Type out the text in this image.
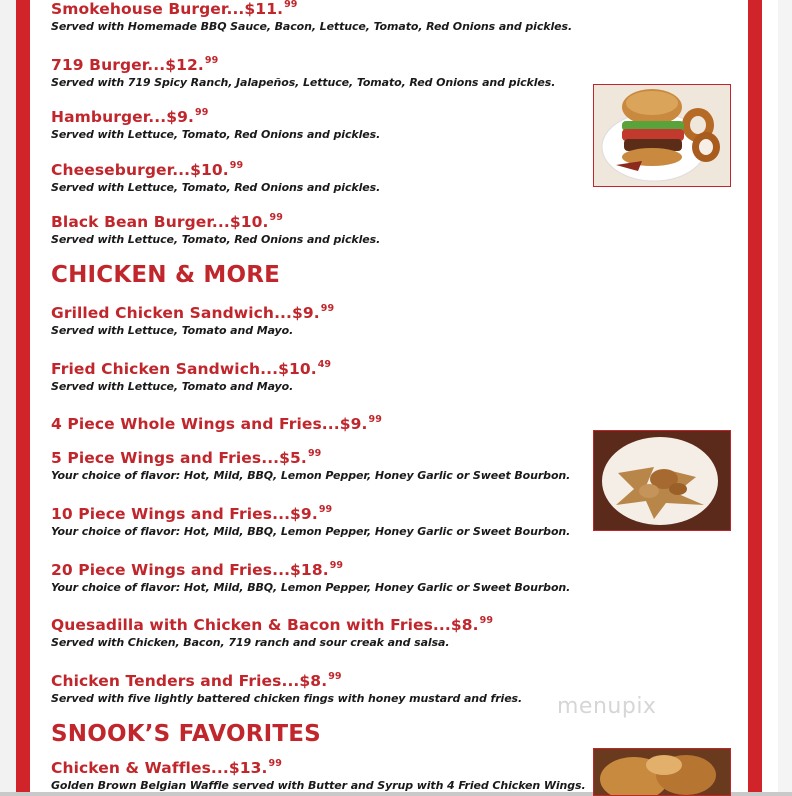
Smokehouse Burger...$11.99
Served with Homemade BBQ Sauce, Bacon, Lettuce, Tomato, Red Onions and pickles.
719 Burger...$12.99
Served with 719 Spicy Ranch, Jalapeños, Lettuce, Tomato, Red Onions and pickles.
Hamburger...$9.99
Served with Lettuce, Tomato, Red Onions and pickles.
Cheeseburger...$10.99
Served with Lettuce, Tomato, Red Onions and pickles.
Black Bean Burger...$10.99
Served with Lettuce, Tomato, Red Onions and pickles.
CHICKEN & MORE
Grilled Chicken Sandwich...$9.99
Served with Lettuce, Tomato and Mayo.
Fried Chicken Sandwich...$10.49
Served with Lettuce, Tomato and Mayo.
4 Piece Whole Wings and Fries...$9.99
5 Piece Wings and Fries...$5.99
Your choice of flavor: Hot, Mild, BBQ, Lemon Pepper, Honey Garlic or Sweet Bourbon.
10 Piece Wings and Fries...$9.99
Your choice of flavor: Hot, Mild, BBQ, Lemon Pepper, Honey Garlic or Sweet Bourbon.
20 Piece Wings and Fries...$18.99
Your choice of flavor: Hot, Mild, BBQ, Lemon Pepper, Honey Garlic or Sweet Bourbon.
Quesadilla with Chicken & Bacon with Fries...$8.99
Served with Chicken, Bacon, 719 ranch and sour creak and salsa.
Chicken Tenders and Fries...$8.99
Served with five lightly battered chicken fings with honey mustard and fries.
SNOOK’S FAVORITES
Chicken & Waffles...$13.99
Golden Brown Belgian Waffle served with Butter and Syrup with 4 Fried Chicken Wings.
menupix
